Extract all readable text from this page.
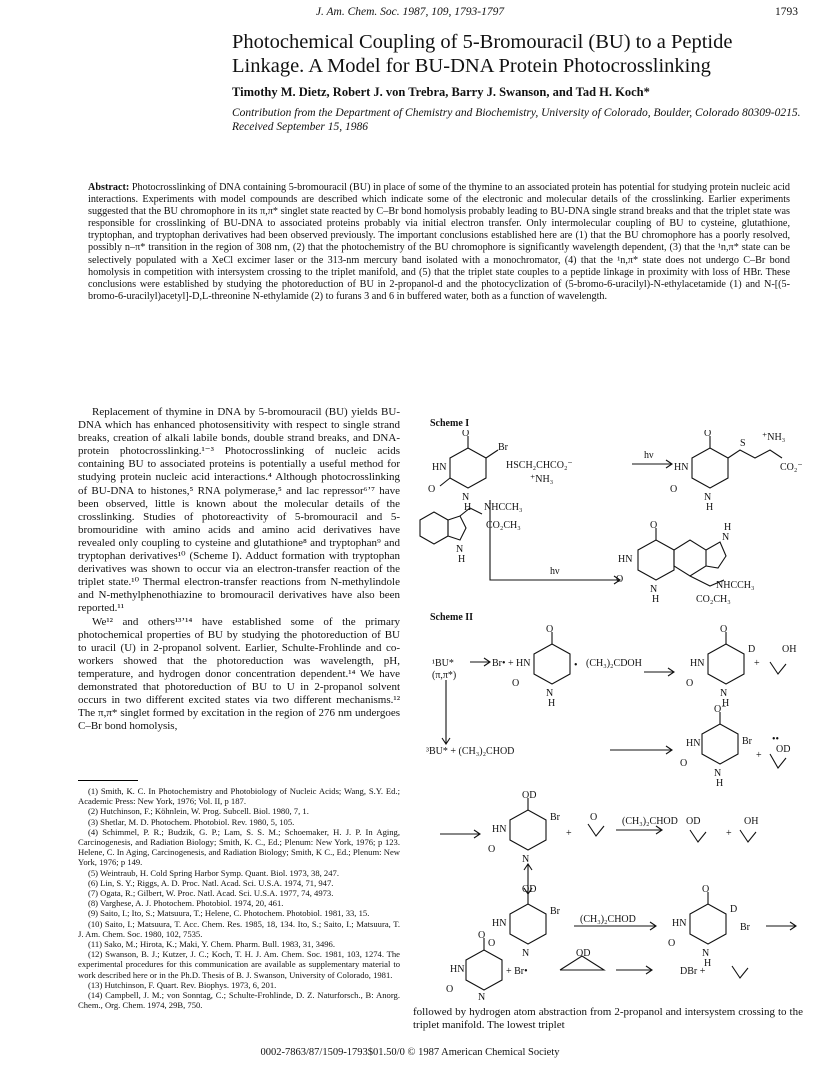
J. Am. Chem. Soc. 1987, 109, 1793-1797	1793
Photochemical Coupling of 5-Bromouracil (BU) to a Peptide Linkage. A Model for BU-DNA Protein Photocrosslinking
Timothy M. Dietz, Robert J. von Trebra, Barry J. Swanson, and Tad H. Koch*
Contribution from the Department of Chemistry and Biochemistry, University of Colorado, Boulder, Colorado 80309-0215. Received September 15, 1986
Abstract: Photocrosslinking of DNA containing 5-bromouracil (BU) in place of some of the thymine to an associated protein has potential for studying protein nucleic acid interactions. Experiments with model compounds are described which indicate some of the electronic and molecular details of the crosslinking. Earlier experiments suggested that the BU chromophore in its π,π* singlet state reacted by C–Br bond homolysis probably leading to BU-DNA single strand breaks and that the triplet state was responsible for crosslinking of BU-DNA to associated proteins probably via initial electron transfer. Only intermolecular coupling of BU to cysteine, glutathione, tryptophan, and tryptophan derivatives had been observed previously. The important conclusions established here are (1) that the BU chromophore has a poorly resolved, possibly n–π* transition in the region of 308 nm, (2) that the photochemistry of the BU chromophore is significantly wavelength dependent, (3) that the ¹n,π* state can be selectively populated with a XeCl excimer laser or the 313-nm mercury band isolated with a monochromator, (4) that the ¹n,π* state does not undergo C–Br bond homolysis in competition with intersystem crossing to the triplet manifold, and (5) that the triplet state couples to a peptide linkage in proximity with loss of HBr. These conclusions were established by studying the photoreduction of BU in 2-propanol-d and the photocyclization of (5-bromo-6-uracilyl)-N-ethylacetamide (1) and N-[(5-bromo-6-uracilyl)acetyl]-D,L-threonine N-ethylamide (2) to furans 3 and 6 in buffered water, both as a function of wavelength.

Replacement of thymine in DNA by 5-bromouracil (BU) yields BU-DNA which has enhanced photosensitivity with respect to single strand breaks, creation of alkali labile bonds, double strand breaks, and DNA-protein photocrosslinking.¹⁻³ Photocrosslinking of nucleic acids containing BU to associated proteins is potentially a useful method for studying protein nucleic acid interactions.⁴ Although photocrosslinking of BU-DNA to histones,⁵ RNA polymerase,⁵ and lac repressor⁶ʼ⁷ have been observed, little is known about the molecular details of the crosslinking. Studies of photoreactivity of 5-bromouracil and 5-bromouridine with amino acids and amino acid derivatives have revealed only coupling to cysteine and glutathione⁸ and tryptophan⁹ and tryptophan derivatives¹⁰ (Scheme I). Adduct formation with tryptophan derivatives was shown to occur via an electron-transfer reaction of the triplet state.¹⁰ Thermal electron-transfer reactions from N-methylindole and N-methylphenothiazine to bromouracil derivatives have also been reported.¹¹

We¹² and others¹³ʼ¹⁴ have established some of the primary photochemical properties of BU by studying the photoreduction of BU to uracil (U) in 2-propanol solvent. Earlier, Schulte-Frohlinde and co-workers showed that the photoreduction was wavelength, pH, temperature, and hydrogen donor concentration dependent.¹⁴ We have demonstrated that photoreduction of BU to U in 2-propanol solvent occurs in two different excited states via two different mechanisms.¹² The π,π* singlet formed by excitation in the region of 276 nm undergoes C–Br bond homolysis,

(1) Smith, K. C. In Photochemistry and Photobiology of Nucleic Acids; Wang, S.Y. Ed.; Academic Press: New York, 1976; Vol. II, p 187.
(2) Hutchinson, F.; Köhnlein, W. Prog. Subcell. Biol. 1980, 7, 1.
(3) Shetlar, M. D. Photochem. Photobiol. Rev. 1980, 5, 105.
(4) Schimmel, P. R.; Budzik, G. P.; Lam, S. S. M.; Schoemaker, H. J. P. In Aging, Carcinogenesis, and Radiation Biology; Smith, K. C., Ed.; Plenum: New York, 1976; p 123. Helene, C. In Aging, Carcinogenesis, and Radiation Biology; Smith, K C., Ed.; Plenum: New York, 1976; p 149.
(5) Weintraub, H. Cold Spring Harbor Symp. Quant. Biol. 1973, 38, 247.
(6) Lin, S. Y.; Riggs, A. D. Proc. Natl. Acad. Sci. U.S.A. 1974, 71, 947.
(7) Ogata, R.; Gilbert, W. Proc. Natl. Acad. Sci. U.S.A. 1977, 74, 4973.
(8) Varghese, A. J. Photochem. Photobiol. 1974, 20, 461.
(9) Saito, I.; Ito, S.; Matsuura, T.; Helene, C. Photochem. Photobiol. 1981, 33, 15.
(10) Saito, I.; Matsuura, T. Acc. Chem. Res. 1985, 18, 134. Ito, S.; Saito, I.; Matsuura, T. J. Am. Chem. Soc. 1980, 102, 7535.
(11) Sako, M.; Hirota, K.; Maki, Y. Chem. Pharm. Bull. 1983, 31, 3496.
(12) Swanson, B. J.; Kutzer, J. C.; Koch, T. H. J. Am. Chem. Soc. 1981, 103, 1274. The experimental procedures for this communication are available as supplementary material to work described here or in the Ph.D. Thesis of B. J. Swanson, University of Colorado, 1981.
(13) Hutchinson, F. Quart. Rev. Biophys. 1973, 6, 201.
(14) Campbell, J. M.; von Sonntag, C.; Schulte-Frohlinde, D. Z. Naturforsch., B: Anorg. Chem., Org. Chem. 1974, 29B, 750.
Scheme I
O
HN
Br
O
N
H
HSCH₂CHCO₂⁻
⁺NH₃
hν
O
HN
S
⁺NH₃
CO₂⁻
O
N
H
NHCCH₃
CO₂CH₃
N
H
hν
O
HN
O
N
H
N
H
NHCCH₃
CO₂CH₃
Scheme II
¹BU*
(π,π*)
Br• +
O
HN	•
O
N
H
(CH₃)₂CDOH
O
HN
D
+
OH
O
N
H
³BU* + (CH₃)₂CHOD
O⁻
HN	Br
+
••
OD
O
N
H
OD
HN
Br
+
O (CH₃)₂CHOD OD
+
OH
O
N
OD
HN
Br
O
N
(CH₃)₂CHOD
O
HN
D
Br
O
N
H
O
HN	+ Br•
O
N
OD
DBr +
followed by hydrogen atom abstraction from 2-propanol and intersystem crossing to the triplet manifold. The lowest triplet
0002-7863/87/1509-1793$01.50/0 © 1987 American Chemical Society
